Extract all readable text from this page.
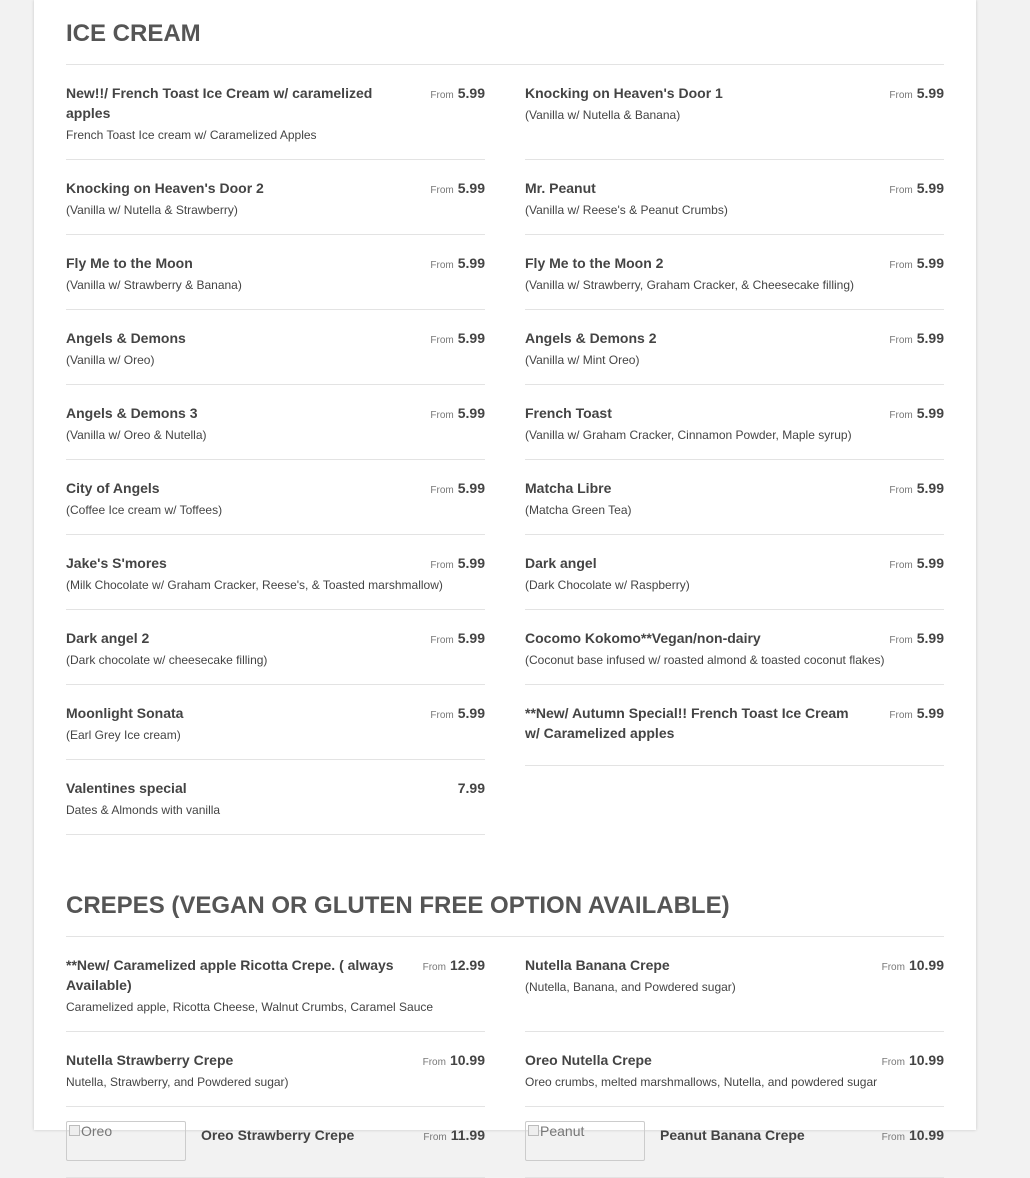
ICE CREAM
New!!/ French Toast Ice Cream w/ caramelized apples
French Toast Ice cream w/ Caramelized Apples
From 5.99
Knocking on Heaven's Door 2
(Vanilla w/ Nutella & Strawberry)
From 5.99
Fly Me to the Moon
(Vanilla w/ Strawberry & Banana)
From 5.99
Angels & Demons
(Vanilla w/ Oreo)
From 5.99
Angels & Demons 3
(Vanilla w/ Oreo & Nutella)
From 5.99
City of Angels
(Coffee Ice cream w/ Toffees)
From 5.99
Jake's S'mores
(Milk Chocolate w/ Graham Cracker, Reese's, & Toasted marshmallow)
From 5.99
Dark angel 2
(Dark chocolate w/ cheesecake filling)
From 5.99
Moonlight Sonata
(Earl Grey Ice cream)
From 5.99
Valentines special
Dates & Almonds with vanilla
7.99
Knocking on Heaven's Door 1
(Vanilla w/ Nutella & Banana)
From 5.99
Mr. Peanut
(Vanilla w/ Reese's & Peanut Crumbs)
From 5.99
Fly Me to the Moon 2
(Vanilla w/ Strawberry, Graham Cracker, & Cheesecake filling)
From 5.99
Angels & Demons 2
(Vanilla w/ Mint Oreo)
From 5.99
French Toast
(Vanilla w/ Graham Cracker, Cinnamon Powder, Maple syrup)
From 5.99
Matcha Libre
(Matcha Green Tea)
From 5.99
Dark angel
(Dark Chocolate w/ Raspberry)
From 5.99
Cocomo Kokomo**Vegan/non-dairy
(Coconut base infused w/ roasted almond & toasted coconut flakes)
From 5.99
**New/ Autumn Special!! French Toast Ice Cream w/ Caramelized apples
From 5.99
CREPES (VEGAN OR GLUTEN FREE OPTION AVAILABLE)
**New/ Caramelized apple Ricotta Crepe. ( always Available)
Caramelized apple, Ricotta Cheese, Walnut Crumbs, Caramel Sauce
From 12.99
Nutella Strawberry Crepe
Nutella, Strawberry, and Powdered sugar)
From 10.99
Oreo	Oreo Strawberry Crepe	From 11.99
Nutella Banana Crepe
(Nutella, Banana, and Powdered sugar)
From 10.99
Oreo Nutella Crepe
Oreo crumbs, melted marshmallows, Nutella, and powdered sugar
From 10.99
Peanut	Peanut Banana Crepe	From 10.99
